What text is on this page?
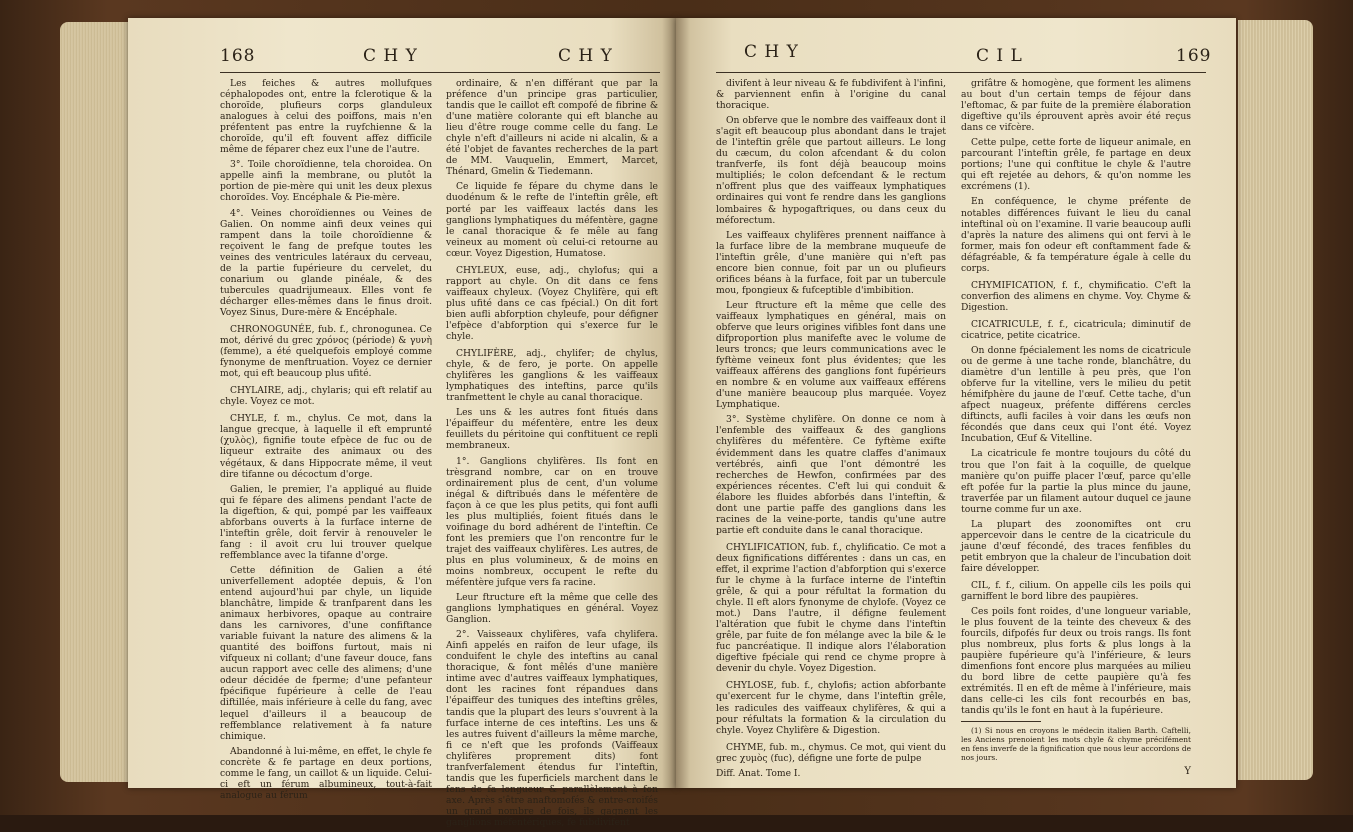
168	C H Y	C H Y

Les feiches & autres mollufques céphalopodes ont, entre la fclerotique & la choroïde, plufieurs corps glanduleux analogues à celui des poiffons, mais n'en préfentent pas entre la ruyfchienne & la choroïde, qu'il eft fouvent affez difficile même de féparer chez eux l'une de l'autre.

3°. Toile choroïdienne, tela choroidea. On appelle ainfi la membrane, ou plutôt la portion de pie-mère qui unit les deux plexus choroïdes. Voy. Encéphale & Pie-mère.

4°. Veines choroïdiennes ou Veines de Galien. On nomme ainfi deux veines qui rampent dans la toile choroïdienne & reçoivent le fang de prefque toutes les veines des ventricules latéraux du cerveau, de la partie fupérieure du cervelet, du conarium ou glande pinéale, & des tubercules quadrijumeaux. Elles vont fe décharger elles-mêmes dans le finus droit. Voyez Sinus, Dure-mère & Encéphale.

CHRONOGUNÉE, fub. f., chronogunea. Ce mot, dérivé du grec χρόνος (période) & γυνὴ (femme), a été quelquefois employé comme fynonyme de menftruation. Voyez ce dernier mot, qui eft beaucoup plus ufité.

CHYLAIRE, adj., chylaris; qui eft relatif au chyle. Voyez ce mot.

CHYLE, f. m., chylus. Ce mot, dans la langue grecque, à laquelle il eft emprunté (χυλὸς), fignifie toute efpèce de fuc ou de liqueur extraite des animaux ou des végétaux, & dans Hippocrate même, il veut dire tifanne ou décoctum d'orge.

Galien, le premier, l'a appliqué au fluide qui fe fépare des alimens pendant l'acte de la digeftion, & qui, pompé par les vaiffeaux abforbans ouverts à la furface interne de l'inteftin grêle, doit fervir à renouveler le fang : il avoit cru lui trouver quelque reffemblance avec la tifanne d'orge.

Cette définition de Galien a été univerfellement adoptée depuis, & l'on entend aujourd'hui par chyle, un liquide blanchâtre, limpide & tranfparent dans les animaux herbivores, opaque au contraire dans les carnivores, d'une confiftance variable fuivant la nature des alimens & la quantité des boiffons furtout, mais ni vifqueux ni collant; d'une faveur douce, fans aucun rapport avec celle des alimens; d'une odeur décidée de fperme; d'une pefanteur fpécifique fupérieure à celle de l'eau diftillée, mais inférieure à celle du fang, avec lequel d'ailleurs il a beaucoup de reffemblance relativement à fa nature chimique.

Abandonné à lui-même, en effet, le chyle fe concrète & fe partage en deux portions, comme le fang, un caillot & un liquide. Celui-ci eft un férum albumineux, tout-à-fait analogue au férum

ordinaire, & n'en différant que par la préfence d'un principe gras particulier, tandis que le caillot eft compofé de fibrine & d'une matière colorante qui eft blanche au lieu d'être rouge comme celle du fang. Le chyle n'eft d'ailleurs ni acide ni alcalin, & a été l'objet de favantes recherches de la part de MM. Vauquelin, Emmert, Marcet, Thénard, Gmelin & Tiedemann.

Ce liquide fe fépare du chyme dans le duodénum & le refte de l'inteftin grêle, eft porté par les vaiffeaux lactés dans les ganglions lymphatiques du méfentère, gagne le canal thoracique & fe mêle au fang veineux au moment où celui-ci retourne au cœur. Voyez Digestion, Humatose.

CHYLEUX, euse, adj., chylofus; qui a rapport au chyle. On dit dans ce fens vaiffeaux chyleux. (Voyez Chylifère, qui eft plus ufité dans ce cas fpécial.) On dit fort bien aufli abforption chyleufe, pour défigner l'efpèce d'abforption qui s'exerce fur le chyle.

CHYLIFÈRE, adj., chylifer; de chylus, chyle, & de fero, je porte. On appelle chylifères les ganglions & les vaiffeaux lymphatiques des inteftins, parce qu'ils tranfmettent le chyle au canal thoracique.

Les uns & les autres font fitués dans l'épaiffeur du méfentère, entre les deux feuillets du péritoine qui conftituent ce repli membraneux.

1°. Ganglions chylifères. Ils font en trèsgrand nombre, car on en trouve ordinairement plus de cent, d'un volume inégal & diftribués dans le méfentère de façon à ce que les plus petits, qui font aufli les plus multipliés, foient fitués dans le voifinage du bord adhérent de l'inteftin. Ce font les premiers que l'on rencontre fur le trajet des vaiffeaux chylifères. Les autres, de plus en plus volumineux, & de moins en moins nombreux, occupent le refte du méfentère jufque vers fa racine.

Leur ftructure eft la même que celle des ganglions lymphatiques en général. Voyez Ganglion.

2°. Vaisseaux chylifères, vafa chylifera. Ainfi appelés en raifon de leur ufage, ils conduifent le chyle des inteftins au canal thoracique, & font mêlés d'une manière intime avec d'autres vaiffeaux lymphatiques, dont les racines font répandues dans l'épaiffeur des tuniques des inteftins grêles, tandis que la plupart des leurs s'ouvrent à la furface interne de ces inteftins. Les uns & les autres fuivent d'ailleurs la même marche, fi ce n'eft que les profonds (Vaiffeaux chylifères proprement dits) font tranfverfalement étendus fur l'inteftin, tandis que les fuperficiels marchent dans le fens de fa longueur & parallèlement à fon axe. Après s'être anaftomofés & entre-croifés un grand nombre de fois, ils gagnent les ganglions méfentériques, fe fubdivifent

C H Y	C I L	169

divifent à leur niveau & fe fubdivifent à l'infini, & parviennent enfin à l'origine du canal thoracique.

On obferve que le nombre des vaiffeaux dont il s'agit eft beaucoup plus abondant dans le trajet de l'inteftin grêle que partout ailleurs. Le long du cæcum, du colon afcendant & du colon tranfverfe, ils font déjà beaucoup moins multipliés; le colon defcendant & le rectum n'offrent plus que des vaiffeaux lymphatiques ordinaires qui vont fe rendre dans les ganglions lombaires & hypogaftriques, ou dans ceux du méforectum.

Les vaiffeaux chylifères prennent naiffance à la furface libre de la membrane muqueufe de l'inteftin grêle, d'une manière qui n'eft pas encore bien connue, foit par un ou plufieurs orifices béans à la furface, foit par un tubercule mou, fpongieux & fufceptible d'imbibition.

Leur ftructure eft la même que celle des vaiffeaux lymphatiques en général, mais on obferve que leurs origines vifibles font dans une difproportion plus manifefte avec le volume de leurs troncs; que leurs communications avec le fyftème veineux font plus évidentes; que les vaiffeaux afférens des ganglions font fupérieurs en nombre & en volume aux vaiffeaux efférens d'une manière beaucoup plus marquée. Voyez Lymphatique.

3°. Système chylifère. On donne ce nom à l'enfemble des vaiffeaux & des ganglions chylifères du méfentère. Ce fyftème exifte évidemment dans les quatre claffes d'animaux vertébrés, ainfi que l'ont démontré les recherches de Hewfon, confirmées par des expériences récentes. C'eft lui qui conduit & élabore les fluides abforbés dans l'inteftin, & dont une partie paffe des ganglions dans les racines de la veine-porte, tandis qu'une autre partie eft conduite dans le canal thoracique.

CHYLIFICATION, fub. f., chylificatio. Ce mot a deux fignifications différentes : dans un cas, en effet, il exprime l'action d'abforption qui s'exerce fur le chyme à la furface interne de l'inteftin grêle, & qui a pour réfultat la formation du chyle. Il eft alors fynonyme de chylofe. (Voyez ce mot.) Dans l'autre, il défigne feulement l'altération que fubit le chyme dans l'inteftin grêle, par fuite de fon mélange avec la bile & le fuc pancréatique. Il indique alors l'élaboration digeftive fpéciale qui rend ce chyme propre à devenir du chyle. Voyez Digestion.

CHYLOSE, fub. f., chylofis; action abforbante qu'exercent fur le chyme, dans l'inteftin grêle, les radicules des vaiffeaux chylifères, & qui a pour réfultats la formation & la circulation du chyle. Voyez Chylifère & Digestion.

CHYME, fub. m., chymus. Ce mot, qui vient du grec χυμὸς (fuc), défigne une forte de pulpe

Diff. Anat. Tome I.

grifâtre & homogène, que forment les alimens au bout d'un certain temps de féjour dans l'eftomac, & par fuite de la première élaboration digeftive qu'ils éprouvent après avoir été reçus dans ce vifcère.

Cette pulpe, cette forte de liqueur animale, en parcourant l'inteftin grêle, fe partage en deux portions; l'une qui conftitue le chyle & l'autre qui eft rejetée au dehors, & qu'on nomme les excrémens (1).

En conféquence, le chyme préfente de notables différences fuivant le lieu du canal inteftinal où on l'examine. Il varie beaucoup aufli d'après la nature des alimens qui ont fervi à le former, mais fon odeur eft conftamment fade & défagréable, & fa température égale à celle du corps.

CHYMIFICATION, f. f., chymificatio. C'eft la converfion des alimens en chyme. Voy. Chyme & Digestion.

CICATRICULE, f. f., cicatricula; diminutif de cicatrice, petite cicatrice.

On donne fpécialement les noms de cicatricule ou de germe à une tache ronde, blanchâtre, du diamètre d'un lentille à peu près, que l'on obferve fur la vitelline, vers le milieu du petit hémifphère du jaune de l'œuf. Cette tache, d'un afpect nuageux, préfente différens cercles diftincts, aufli faciles à voir dans les œufs non fécondés que dans ceux qui l'ont été. Voyez Incubation, Œuf & Vitelline.

La cicatricule fe montre toujours du côté du trou que l'on fait à la coquille, de quelque manière qu'on puiffe placer l'œuf, parce qu'elle eft pofée fur la partie la plus mince du jaune, traverfée par un filament autour duquel ce jaune tourne comme fur un axe.

La plupart des zoonomiftes ont cru appercevoir dans le centre de la cicatricule du jaune d'œuf fécondé, des traces fenfibles du petit embryon que la chaleur de l'incubation doit faire développer.

CIL, f. f., cilium. On appelle cils les poils qui garniffent le bord libre des paupières.

Ces poils font roides, d'une longueur variable, le plus fouvent de la teinte des cheveux & des fourcils, difpofés fur deux ou trois rangs. Ils font plus nombreux, plus forts & plus longs à la paupière fupérieure qu'à l'inférieure, & leurs dimenfions font encore plus marquées au milieu du bord libre de cette paupière qu'à fes extrémités. Il en eft de même à l'inférieure, mais dans celle-ci les cils font recourbés en bas, tandis qu'ils le font en haut à la fupérieure.

(1) Si nous en croyons le médecin italien Barth. Caftelli, les Anciens prenoient les mots chyle & chyme précifément en fens inverfe de la fignification que nous leur accordons de nos jours.

Y
